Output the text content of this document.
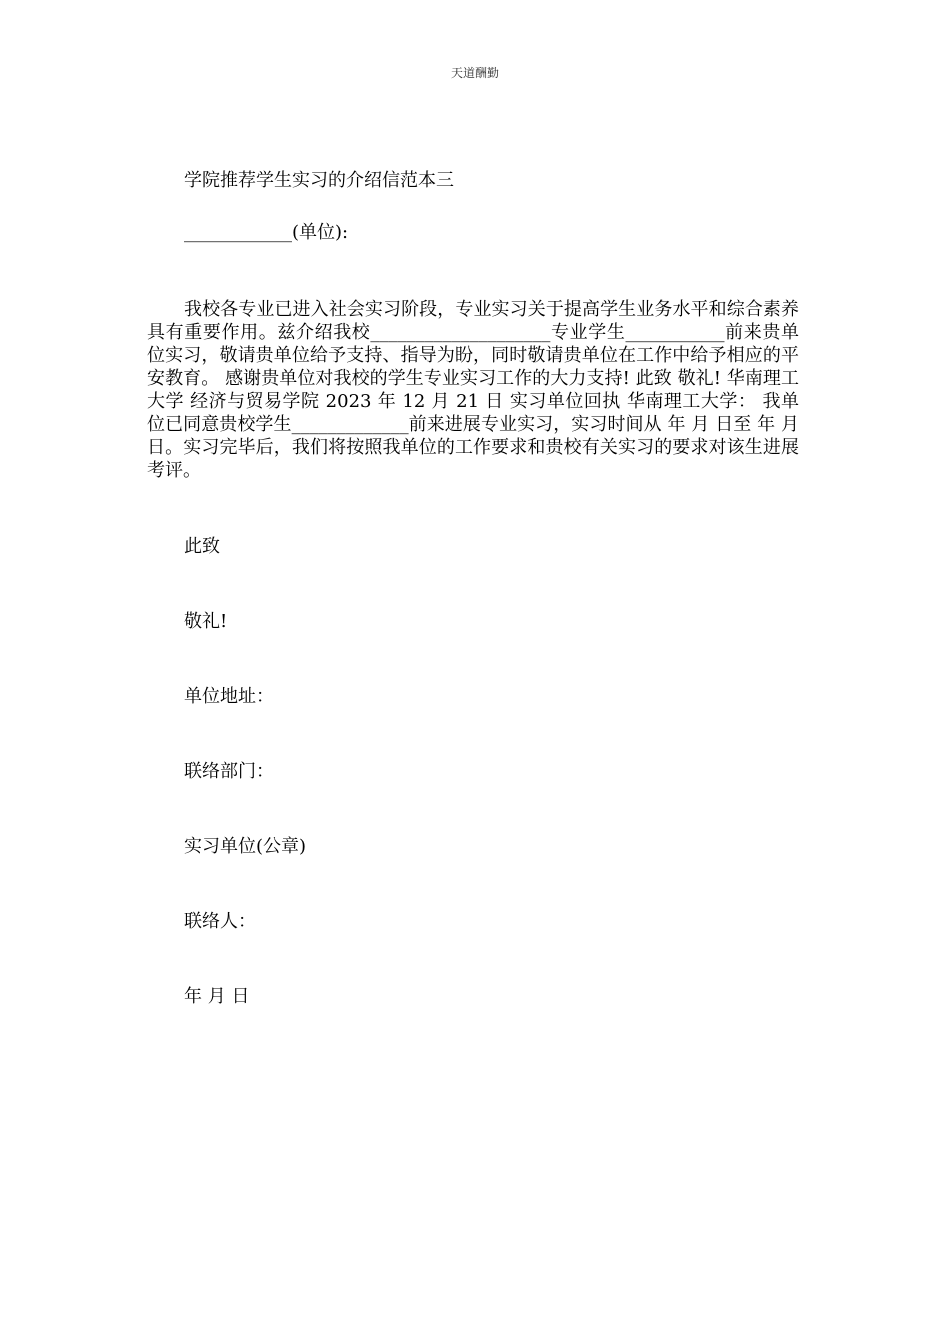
天道酬勤

学院推荐学生实习的介绍信范本三

____________(单位):

我校各专业已进入社会实习阶段，专业实习关于提高学生业务水平和综合素养具有重要作用。兹介绍我校____________________专业学生___________前来贵单位实习，敬请贵单位给予支持、指导为盼，同时敬请贵单位在工作中给予相应的平安教育。 感谢贵单位对我校的学生专业实习工作的大力支持! 此致 敬礼! 华南理工大学 经济与贸易学院 2023 年 12 月 21 日 实习单位回执 华南理工大学： 我单位已同意贵校学生_____________前来进展专业实习，实习时间从 年 月 日至 年 月 日。实习完毕后，我们将按照我单位的工作要求和贵校有关实习的要求对该生进展考评。

此致

敬礼!

单位地址：

联络部门：

实习单位(公章)

联络人：

年 月 日
